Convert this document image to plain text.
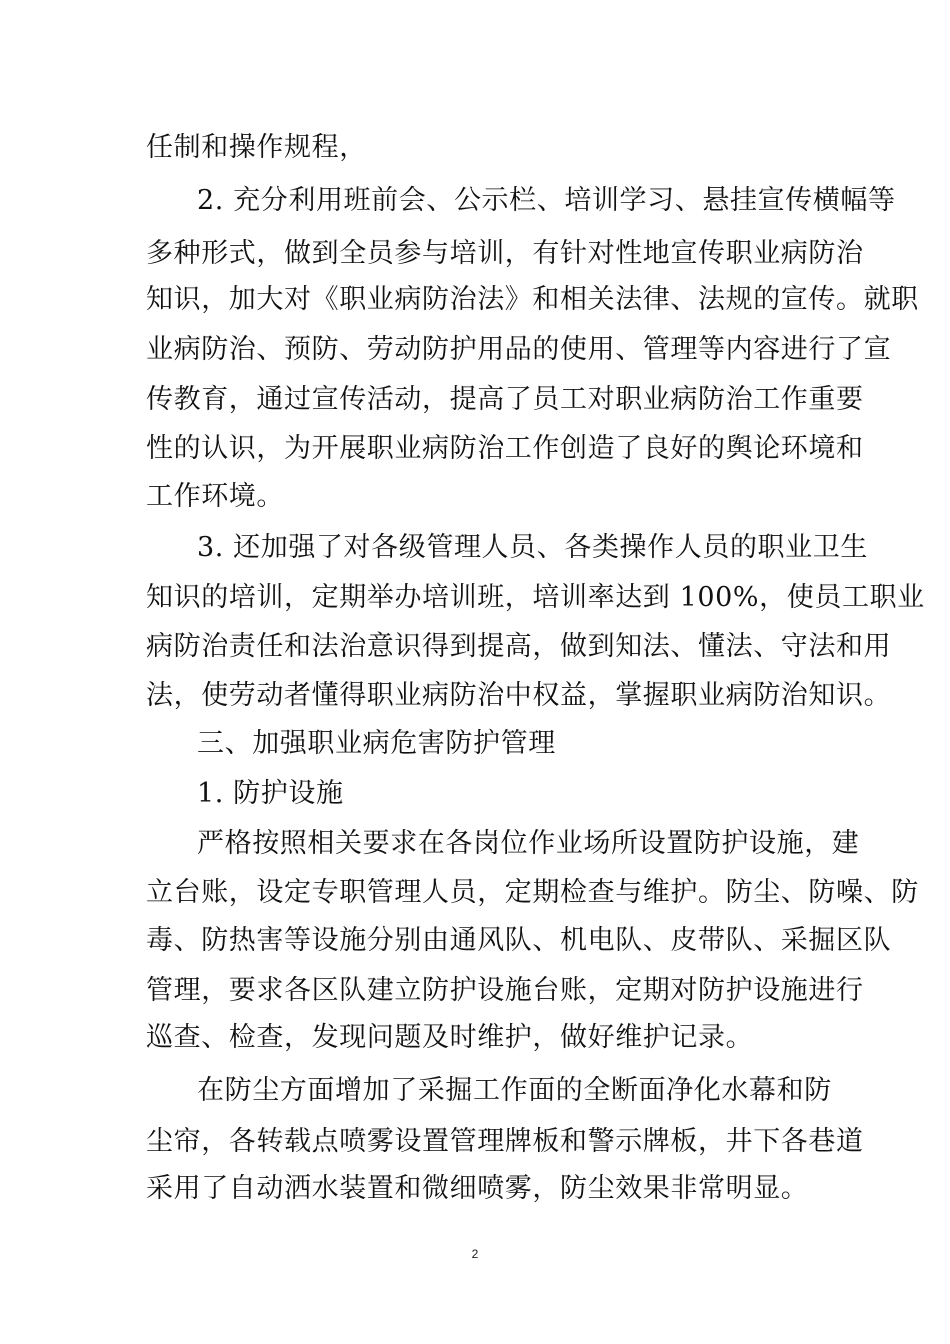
任制和操作规程，
2. 充分利用班前会、公示栏、培训学习、悬挂宣传横幅等
多种形式，做到全员参与培训，有针对性地宣传职业病防治
知识，加大对《职业病防治法》和相关法律、法规的宣传。就职
业病防治、预防、劳动防护用品的使用、管理等内容进行了宣
传教育，通过宣传活动，提高了员工对职业病防治工作重要
性的认识，为开展职业病防治工作创造了良好的舆论环境和
工作环境。
3. 还加强了对各级管理人员、各类操作人员的职业卫生
知识的培训，定期举办培训班，培训率达到 100%，使员工职业
病防治责任和法治意识得到提高，做到知法、懂法、守法和用
法，使劳动者懂得职业病防治中权益，掌握职业病防治知识。
三、加强职业病危害防护管理
1. 防护设施
严格按照相关要求在各岗位作业场所设置防护设施，建
立台账，设定专职管理人员，定期检查与维护。防尘、防噪、防
毒、防热害等设施分别由通风队、机电队、皮带队、采掘区队
管理，要求各区队建立防护设施台账，定期对防护设施进行
巡查、检查，发现问题及时维护，做好维护记录。
在防尘方面增加了采掘工作面的全断面净化水幕和防
尘帘，各转载点喷雾设置管理牌板和警示牌板，井下各巷道
采用了自动洒水装置和微细喷雾，防尘效果非常明显。
2
